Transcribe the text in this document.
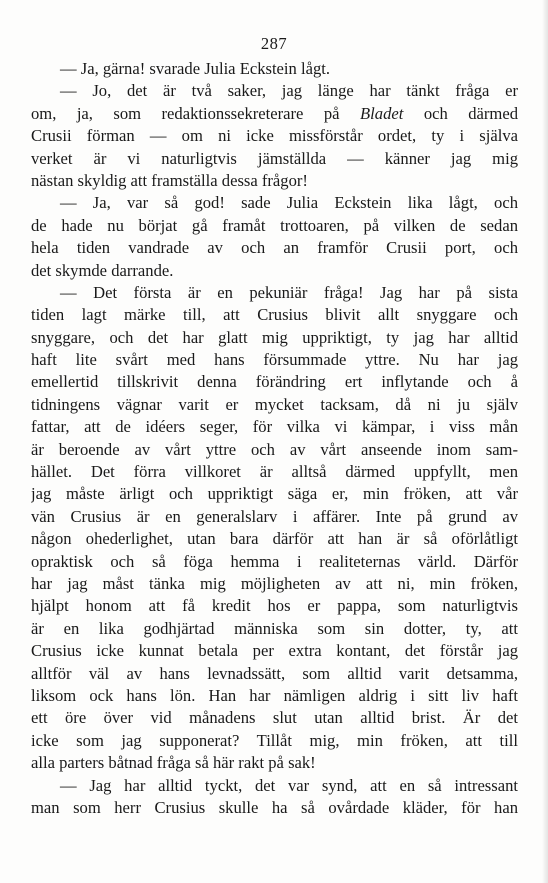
287
— Ja, gärna! svarade Julia Eckstein lågt.
— Jo, det är två saker, jag länge har tänkt fråga er
om, ja, som redaktionssekreterare på Bladet och därmed
Crusii förman — om ni icke missförstår ordet, ty i själva
verket är vi naturligtvis jämställda — känner jag mig
nästan skyldig att framställa dessa frågor!
— Ja, var så god! sade Julia Eckstein lika lågt, och
de hade nu börjat gå framåt trottoaren, på vilken de sedan
hela tiden vandrade av och an framför Crusii port, och
det skymde darrande.
— Det första är en pekuniär fråga! Jag har på sista
tiden lagt märke till, att Crusius blivit allt snyggare och
snyggare, och det har glatt mig uppriktigt, ty jag har alltid
haft lite svårt med hans försummade yttre. Nu har jag
emellertid tillskrivit denna förändring ert inflytande och å
tidningens vägnar varit er mycket tacksam, då ni ju själv
fattar, att de idéers seger, för vilka vi kämpar, i viss mån
är beroende av vårt yttre och av vårt anseende inom sam-
hället. Det förra villkoret är alltså därmed uppfyllt, men
jag måste ärligt och uppriktigt säga er, min fröken, att vår
vän Crusius är en generalslarv i affärer. Inte på grund av
någon ohederlighet, utan bara därför att han är så oförlåtligt
opraktisk och så föga hemma i realiteternas värld. Därför
har jag måst tänka mig möjligheten av att ni, min fröken,
hjälpt honom att få kredit hos er pappa, som naturligtvis
är en lika godhjärtad människa som sin dotter, ty, att
Crusius icke kunnat betala per extra kontant, det förstår jag
alltför väl av hans levnadssätt, som alltid varit detsamma,
liksom ock hans lön. Han har nämligen aldrig i sitt liv haft
ett öre över vid månadens slut utan alltid brist. Är det
icke som jag supponerat? Tillåt mig, min fröken, att till
alla parters båtnad fråga så här rakt på sak!
— Jag har alltid tyckt, det var synd, att en så intressant
man som herr Crusius skulle ha så ovårdade kläder, för han
